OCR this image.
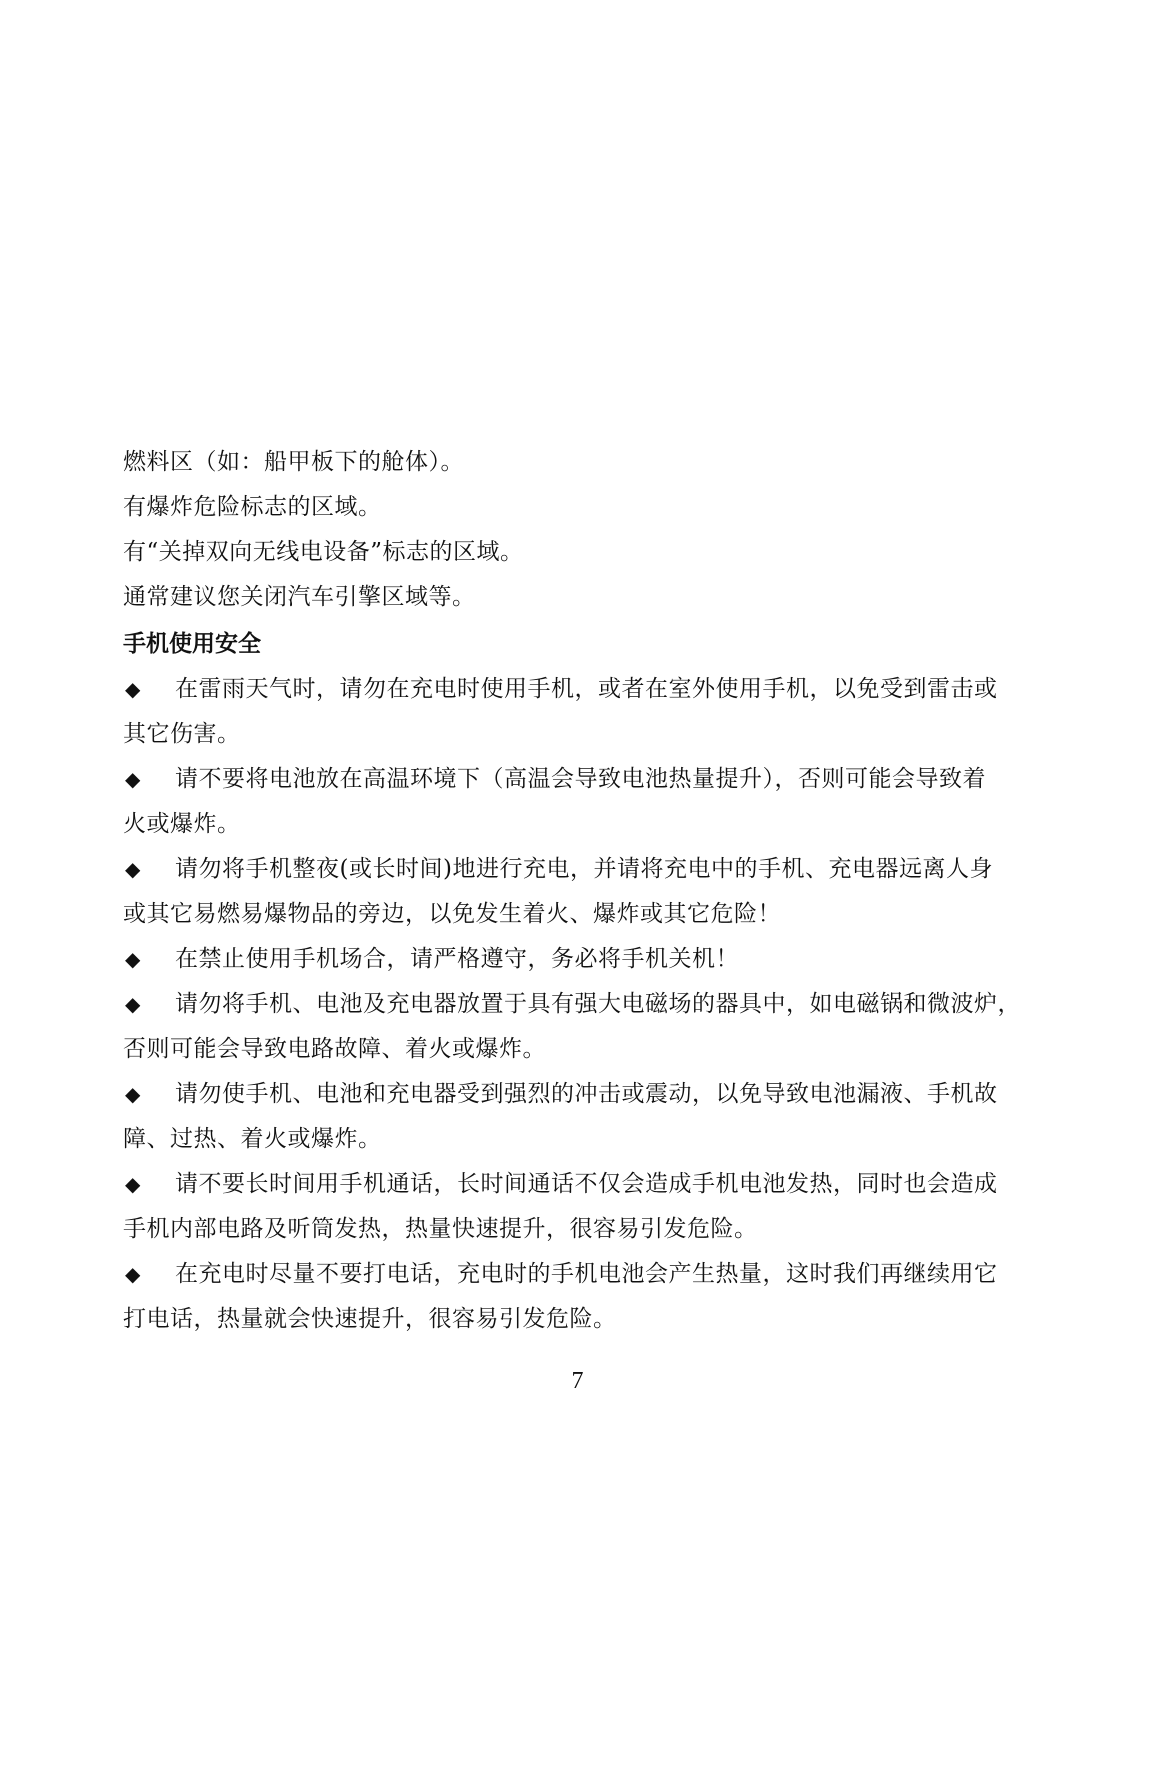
燃料区（如：船甲板下的舱体）。
有爆炸危险标志的区域。
有“关掉双向无线电设备”标志的区域。
通常建议您关闭汽车引擎区域等。
手机使用安全
◆ 在雷雨天气时，请勿在充电时使用手机，或者在室外使用手机，以免受到雷击或
其它伤害。
◆ 请不要将电池放在高温环境下（高温会导致电池热量提升），否则可能会导致着
火或爆炸。
◆ 请勿将手机整夜(或长时间)地进行充电，并请将充电中的手机、充电器远离人身
或其它易燃易爆物品的旁边，以免发生着火、爆炸或其它危险！
◆ 在禁止使用手机场合，请严格遵守，务必将手机关机！
◆ 请勿将手机、电池及充电器放置于具有强大电磁场的器具中，如电磁锅和微波炉，
否则可能会导致电路故障、着火或爆炸。
◆ 请勿使手机、电池和充电器受到强烈的冲击或震动，以免导致电池漏液、手机故
障、过热、着火或爆炸。
◆ 请不要长时间用手机通话，长时间通话不仅会造成手机电池发热，同时也会造成
手机内部电路及听筒发热，热量快速提升，很容易引发危险。
◆ 在充电时尽量不要打电话，充电时的手机电池会产生热量，这时我们再继续用它
打电话，热量就会快速提升，很容易引发危险。
7
